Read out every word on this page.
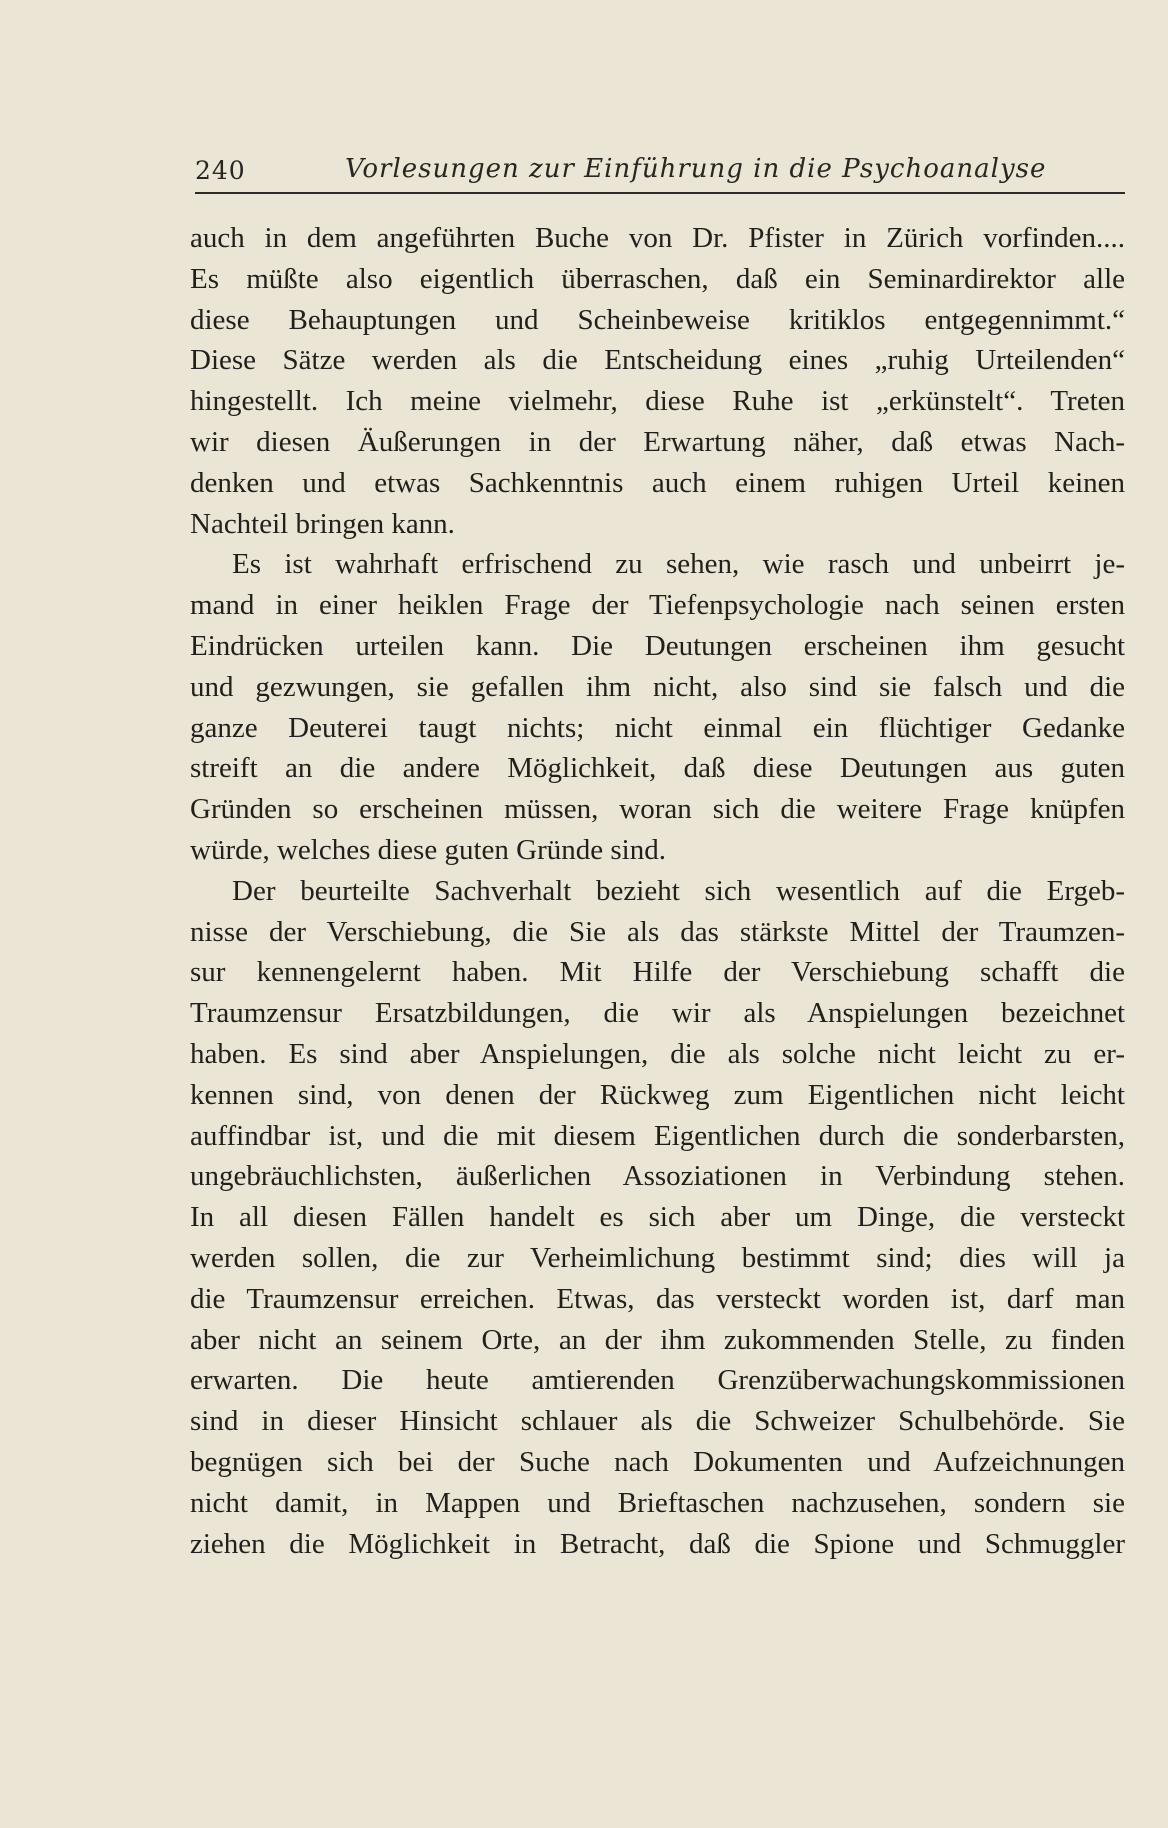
240	Vorlesungen zur Einführung in die Psychoanalyse
auch in dem angeführten Buche von Dr. Pfister in Zürich vorfinden....
Es müßte also eigentlich überraschen, daß ein Seminardirektor alle
diese Behauptungen und Scheinbeweise kritiklos entgegennimmt.“
Diese Sätze werden als die Entscheidung eines „ruhig Urteilenden“
hingestellt. Ich meine vielmehr, diese Ruhe ist „erkünstelt“. Treten
wir diesen Äußerungen in der Erwartung näher, daß etwas Nach-
denken und etwas Sachkenntnis auch einem ruhigen Urteil keinen
Nachteil bringen kann.
Es ist wahrhaft erfrischend zu sehen, wie rasch und unbeirrt je-
mand in einer heiklen Frage der Tiefenpsychologie nach seinen ersten
Eindrücken urteilen kann. Die Deutungen erscheinen ihm gesucht
und gezwungen, sie gefallen ihm nicht, also sind sie falsch und die
ganze Deuterei taugt nichts; nicht einmal ein flüchtiger Gedanke
streift an die andere Möglichkeit, daß diese Deutungen aus guten
Gründen so erscheinen müssen, woran sich die weitere Frage knüpfen
würde, welches diese guten Gründe sind.
Der beurteilte Sachverhalt bezieht sich wesentlich auf die Ergeb-
nisse der Verschiebung, die Sie als das stärkste Mittel der Traumzen-
sur kennengelernt haben. Mit Hilfe der Verschiebung schafft die
Traumzensur Ersatzbildungen, die wir als Anspielungen bezeichnet
haben. Es sind aber Anspielungen, die als solche nicht leicht zu er-
kennen sind, von denen der Rückweg zum Eigentlichen nicht leicht
auffindbar ist, und die mit diesem Eigentlichen durch die sonderbarsten,
ungebräuchlichsten, äußerlichen Assoziationen in Verbindung stehen.
In all diesen Fällen handelt es sich aber um Dinge, die versteckt
werden sollen, die zur Verheimlichung bestimmt sind; dies will ja
die Traumzensur erreichen. Etwas, das versteckt worden ist, darf man
aber nicht an seinem Orte, an der ihm zukommenden Stelle, zu finden
erwarten. Die heute amtierenden Grenzüberwachungskommissionen
sind in dieser Hinsicht schlauer als die Schweizer Schulbehörde. Sie
begnügen sich bei der Suche nach Dokumenten und Aufzeichnungen
nicht damit, in Mappen und Brieftaschen nachzusehen, sondern sie
ziehen die Möglichkeit in Betracht, daß die Spione und Schmuggler
